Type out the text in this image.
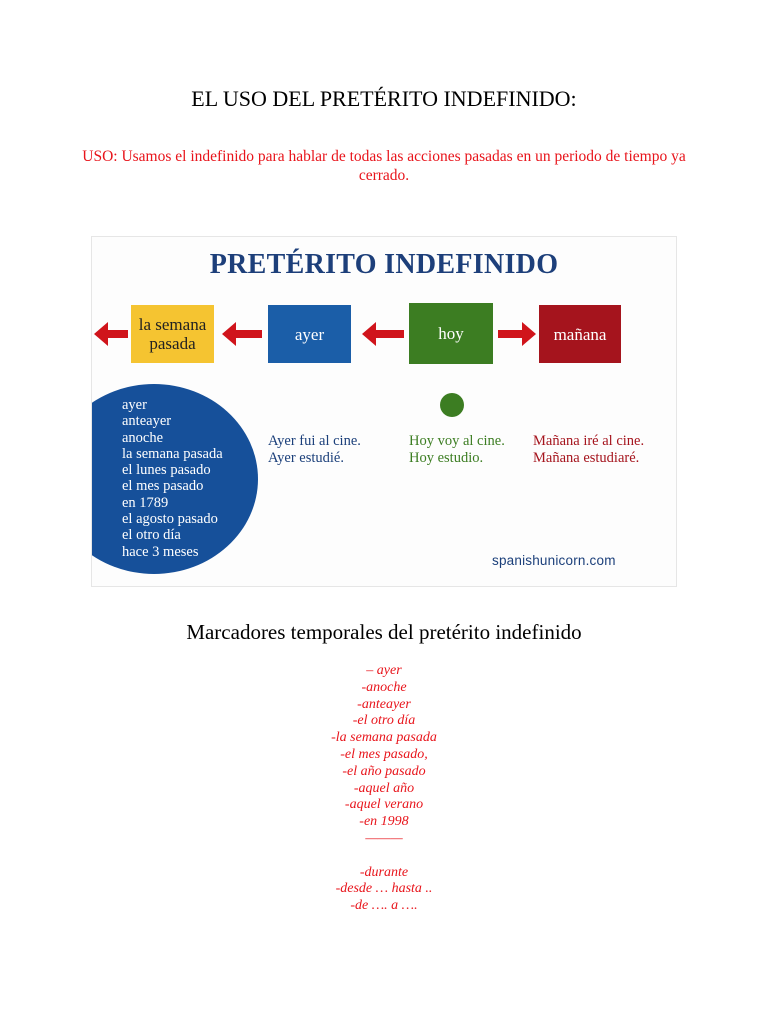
EL USO DEL PRETÉRITO INDEFINIDO:
USO: Usamos el indefinido para hablar de todas las acciones pasadas en un periodo de tiempo ya cerrado.
PRETÉRITO INDEFINIDO
la semana pasada	ayer	hoy	mañana
ayer
anteayer
anoche
la semana pasada
el lunes pasado
el mes pasado
en 1789
el agosto pasado
el otro día
hace 3 meses
Ayer fui al cine.
Ayer estudié.
Hoy voy al cine.
Hoy estudio.
Mañana iré al cine.
Mañana estudiaré.
spanishunicorn.com
Marcadores temporales del pretérito indefinido
– ayer
-anoche
-anteayer
-el otro día
-la semana pasada
-el mes pasado,
-el año pasado
-aquel año
-aquel verano
-en 1998
———

-durante
-desde … hasta ..
-de …. a ….
